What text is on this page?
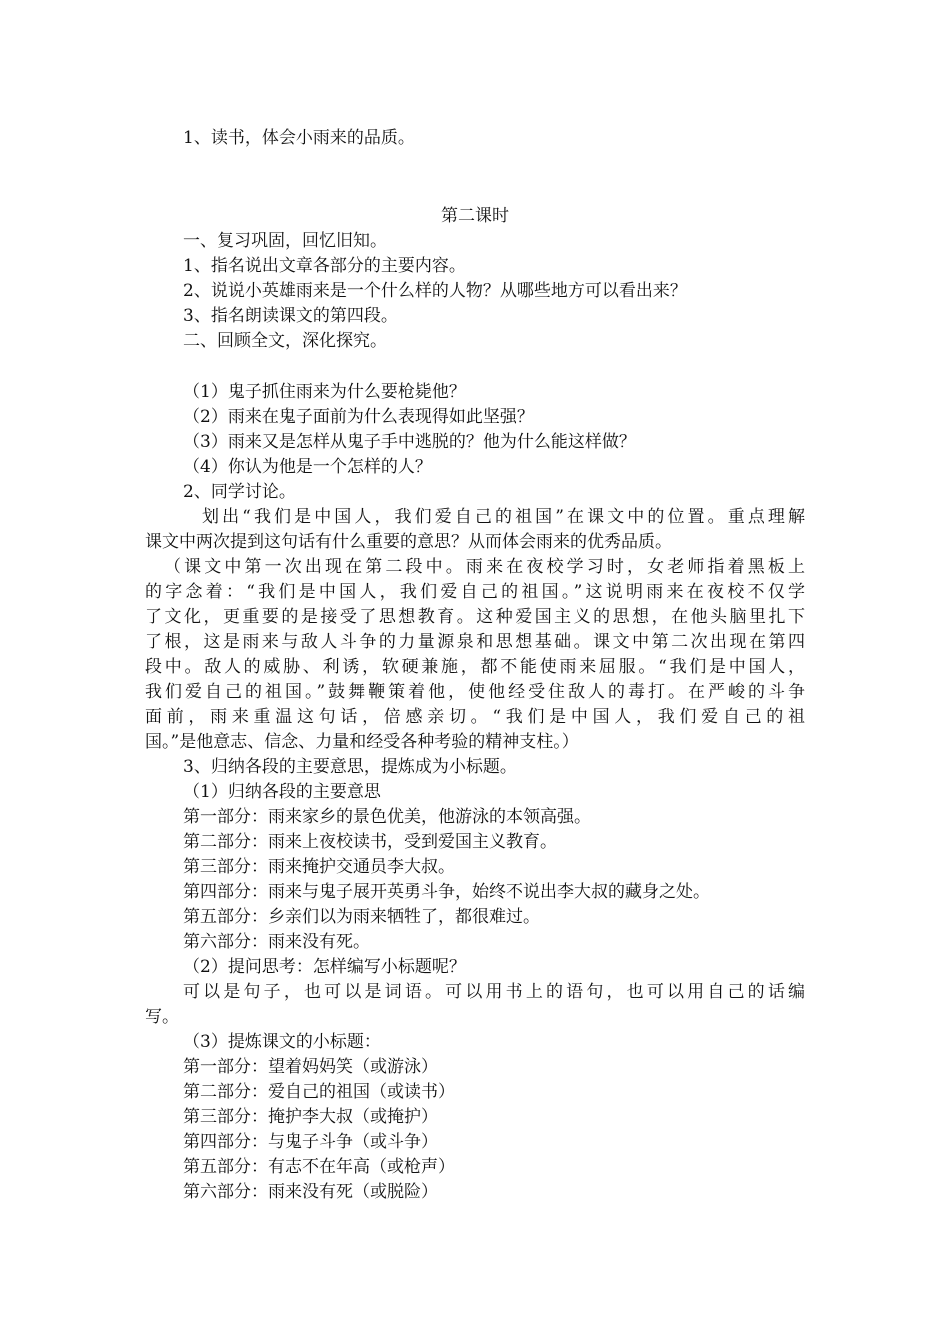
1、读书，体会小雨来的品质。
第二课时
一、复习巩固，回忆旧知。
1、指名说出文章各部分的主要内容。
2、说说小英雄雨来是一个什么样的人物？从哪些地方可以看出来？
3、指名朗读课文的第四段。
二、回顾全文，深化探究。
（1）鬼子抓住雨来为什么要枪毙他？
（2）雨来在鬼子面前为什么表现得如此坚强？
（3）雨来又是怎样从鬼子手中逃脱的？他为什么能这样做？
（4）你认为他是一个怎样的人？
2、同学讨论。
划出“我们是中国人，我们爱自己的祖国”在课文中的位置。重点理解
课文中两次提到这句话有什么重要的意思？从而体会雨来的优秀品质。
（课文中第一次出现在第二段中。雨来在夜校学习时，女老师指着黑板上
的字念着：“我们是中国人，我们爱自己的祖国。”这说明雨来在夜校不仅学
了文化，更重要的是接受了思想教育。这种爱国主义的思想，在他头脑里扎下
了根，这是雨来与敌人斗争的力量源泉和思想基础。课文中第二次出现在第四
段中。敌人的威胁、利诱，软硬兼施，都不能使雨来屈服。“我们是中国人，
我们爱自己的祖国。”鼓舞鞭策着他，使他经受住敌人的毒打。在严峻的斗争
面前，雨来重温这句话，倍感亲切。“我们是中国人，我们爱自己的祖
国。”是他意志、信念、力量和经受各种考验的精神支柱。）
3、归纳各段的主要意思，提炼成为小标题。
（1）归纳各段的主要意思
第一部分：雨来家乡的景色优美，他游泳的本领高强。
第二部分：雨来上夜校读书，受到爱国主义教育。
第三部分：雨来掩护交通员李大叔。
第四部分：雨来与鬼子展开英勇斗争，始终不说出李大叔的藏身之处。
第五部分：乡亲们以为雨来牺牲了，都很难过。
第六部分：雨来没有死。
（2）提问思考：怎样编写小标题呢？
可以是句子，也可以是词语。可以用书上的语句，也可以用自己的话编
写。
（3）提炼课文的小标题：
第一部分：望着妈妈笑（或游泳）
第二部分：爱自己的祖国（或读书）
第三部分：掩护李大叔（或掩护）
第四部分：与鬼子斗争（或斗争）
第五部分：有志不在年高（或枪声）
第六部分：雨来没有死（或脱险）
